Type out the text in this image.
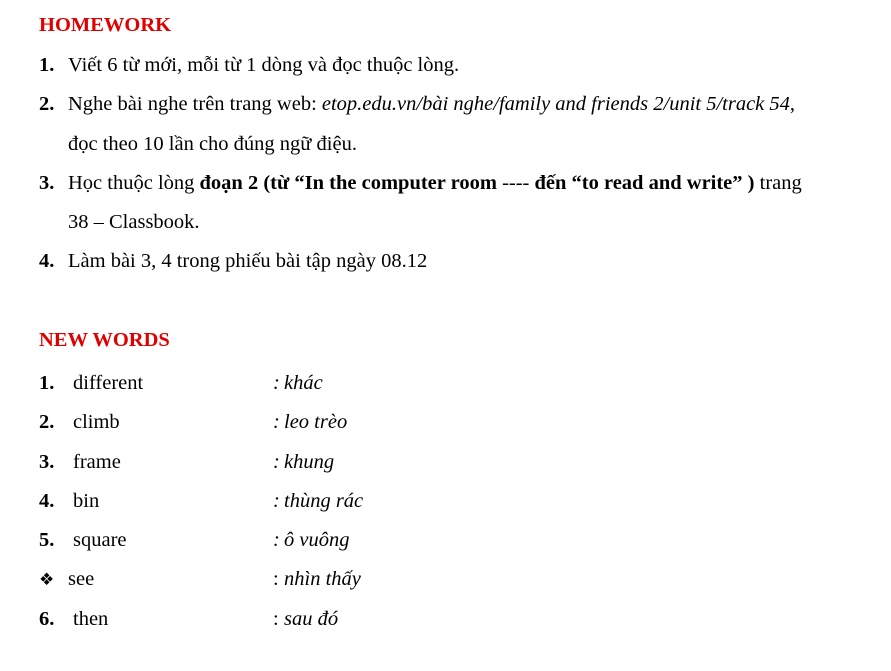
HOMEWORK
1. Viết 6 từ mới, mỗi từ 1 dòng và đọc thuộc lòng.
2. Nghe bài nghe trên trang web: etop.edu.vn/bài nghe/family and friends 2/unit 5/track 54,
đọc theo 10 lần cho đúng ngữ điệu.
3. Học thuộc lòng đoạn 2 (từ “In the computer room ---- đến “to read and write” ) trang
38 – Classbook.
4. Làm bài 3, 4 trong phiếu bài tập ngày 08.12
NEW WORDS
1. different	: khác
2. climb	: leo trèo
3. frame	: khung
4. bin	: thùng rác
5. square	: ô vuông
❖ see	: nhìn thấy
6. then	: sau đó
